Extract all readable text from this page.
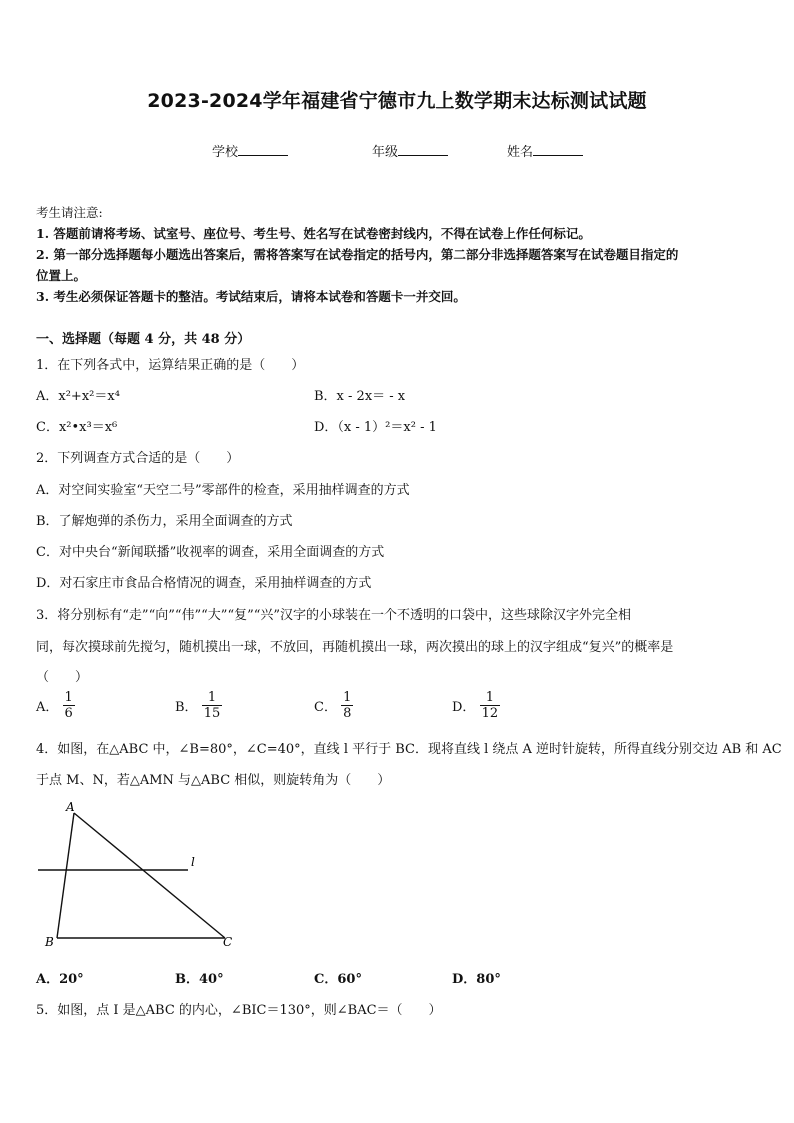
2023-2024学年福建省宁德市九上数学期末达标测试试题
学校	年级	姓名
考生请注意:
1. 答题前请将考场、试室号、座位号、考生号、姓名写在试卷密封线内，不得在试卷上作任何标记。
2. 第一部分选择题每小题选出答案后，需将答案写在试卷指定的括号内，第二部分非选择题答案写在试卷题目指定的
位置上。
3. 考生必须保证答题卡的整洁。考试结束后，请将本试卷和答题卡一并交回。
一、选择题（每题 4 分，共 48 分）
1．在下列各式中，运算结果正确的是（　　）
A．x²+x²＝x⁴	B．x - 2x＝ - x
C．x²•x³＝x⁶	D．（x - 1）²＝x² - 1
2．下列调查方式合适的是（　　）
A．对空间实验室“天空二号”零部件的检查，采用抽样调查的方式
B．了解炮弹的杀伤力，采用全面调查的方式
C．对中央台“新闻联播”收视率的调查，采用全面调查的方式
D．对石家庄市食品合格情况的调查，采用抽样调查的方式
3．将分别标有“走”“向”“伟”“大”“复”“兴”汉字的小球装在一个不透明的口袋中，这些球除汉字外完全相
同，每次摸球前先搅匀，随机摸出一球，不放回，再随机摸出一球，两次摸出的球上的汉字组成“复兴”的概率是
（　　）
A． $\frac{1}{6}$	B． $\frac{1}{15}$	C． $\frac{1}{8}$	D． $\frac{1}{12}$
4．如图，在△ABC 中，∠B=80°，∠C=40°，直线 l 平行于 BC．现将直线 l 绕点 A 逆时针旋转，所得直线分别交边 AB 和 AC
于点 M、N，若△AMN 与△ABC 相似，则旋转角为（　　）
A
B	C
l
A．20°	B．40°	C．60°	D．80°
5．如图，点 I 是△ABC 的内心，∠BIC＝130°，则∠BAC＝（　　）
